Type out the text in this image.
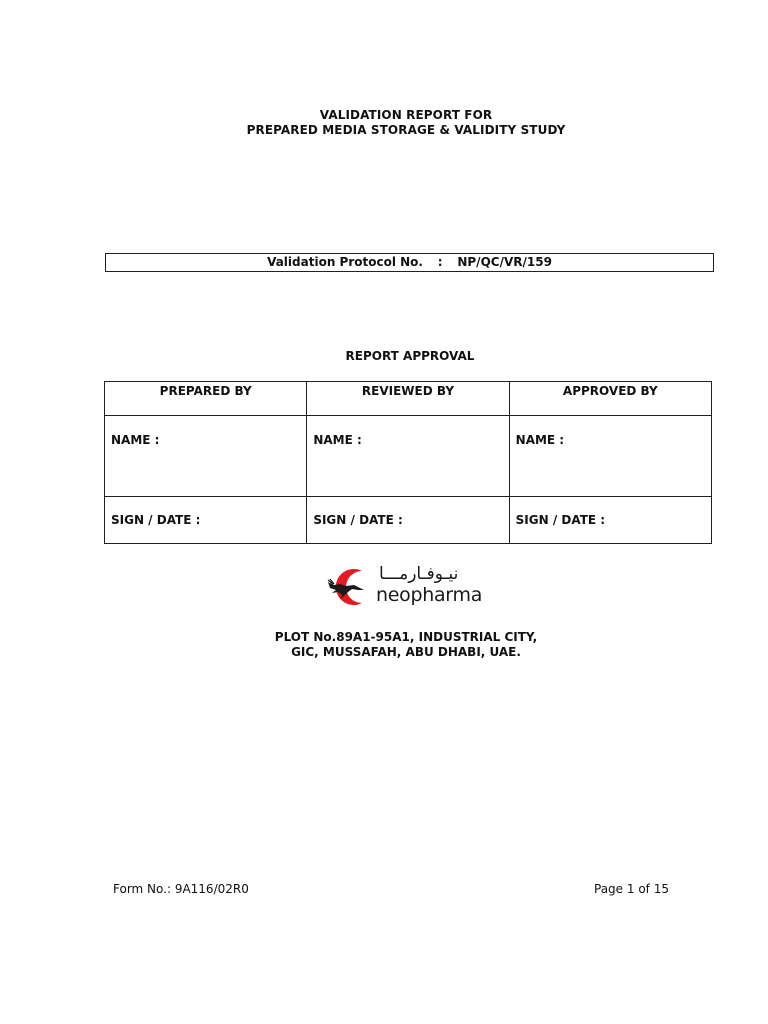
VALIDATION REPORT FOR
PREPARED MEDIA STORAGE & VALIDITY STUDY
Validation Protocol No. : NP/QC/VR/159
REPORT APPROVAL
PREPARED BY	REVIEWED BY	APPROVED BY
NAME :	NAME :	NAME :
SIGN / DATE :	SIGN / DATE :	SIGN / DATE :
نيـوفـارمـــا
neopharma
PLOT No.89A1-95A1, INDUSTRIAL CITY,
GIC, MUSSAFAH, ABU DHABI, UAE.
Form No.: 9A116/02R0	Page 1 of 15
